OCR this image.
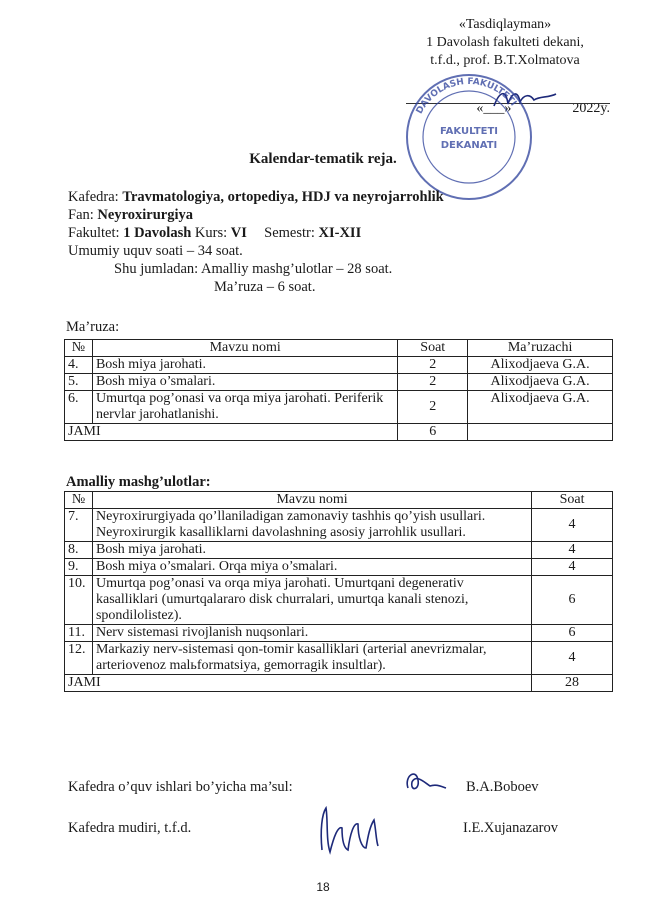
«Tasdiqlayman»
1 Davolash fakulteti dekani,
t.f.d., prof. B.T.Xolmatova
«___»	2022y.
DAVOLASH FAKULTETI
FAKULTETI
DEKANATI
Kalendar-tematik reja.
Kafedra: Travmatologiya, ortopediya, HDJ va neyrojarrohlik
Fan: Neyroxirurgiya
Fakultet: 1 Davolash Kurs: VI Semestr: XI-XII
Umumiy uquv soati – 34 soat.
Shu jumladan: Amalliy mashg’ulotlar – 28 soat.
Ma’ruza – 6 soat.
Ma’ruza:
№	Mavzu nomi	Soat	Ma’ruzachi
4.	Bosh miya jarohati.	2	Alixodjaeva G.A.
5.	Bosh miya o’smalari.	2	Alixodjaeva G.A.
6.	Umurtqa pog’onasi va orqa miya jarohati. Periferik nervlar jarohatlanishi.	2	Alixodjaeva G.A.
JAMI		6	
Amalliy mashg’ulotlar:
№	Mavzu nomi	Soat
7.	Neyroxirurgiyada qo’llaniladigan zamonaviy tashhis qo’yish usullari. Neyroxirurgik kasalliklarni davolashning asosiy jarrohlik usullari.	4
8.	Bosh miya jarohati.	4
9.	Bosh miya o’smalari. Orqa miya o’smalari.	4
10.	Umurtqa pog’onasi va orqa miya jarohati. Umurtqani degenerativ kasalliklari (umurtqalararo disk churralari, umurtqa kanali stenozi, spondilolistez).	6
11.	Nerv sistemasi rivojlanish nuqsonlari.	6
12.	Markaziy nerv-sistemasi qon-tomir kasalliklari (arterial anevrizmalar, arteriovenoz malьformatsiya, gemorragik insultlar).	4
JAMI		28
Kafedra o’quv ishlari bo’yicha ma’sul:	B.A.Boboev
Kafedra mudiri, t.f.d.	I.E.Xujanazarov
18
